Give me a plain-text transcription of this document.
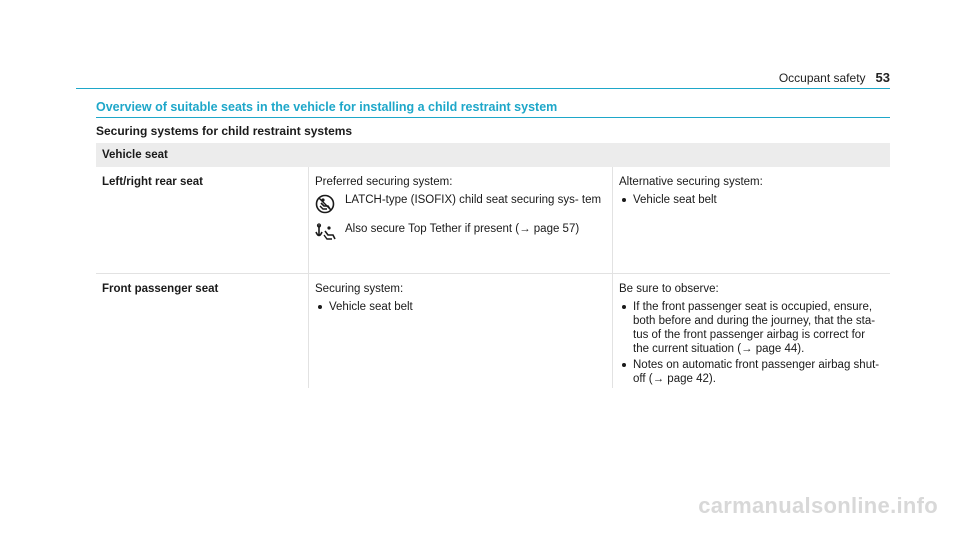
Occupant safety 53
Overview of suitable seats in the vehicle for installing a child restraint system
Securing systems for child restraint systems
Vehicle seat
Left/right rear seat	Preferred securing system:
LATCH-type (ISOFIX) child seat securing sys- tem
Also secure Top Tether if present (→ page 57)
Alternative securing system:
Vehicle seat belt
Front passenger seat	Securing system:
Vehicle seat belt
Be sure to observe:
If the front passenger seat is occupied, ensure, both before and during the journey, that the sta- tus of the front passenger airbag is correct for the current situation (→ page 44).
Notes on automatic front passenger airbag shut- off (→ page 42).
carmanualsonline.info
